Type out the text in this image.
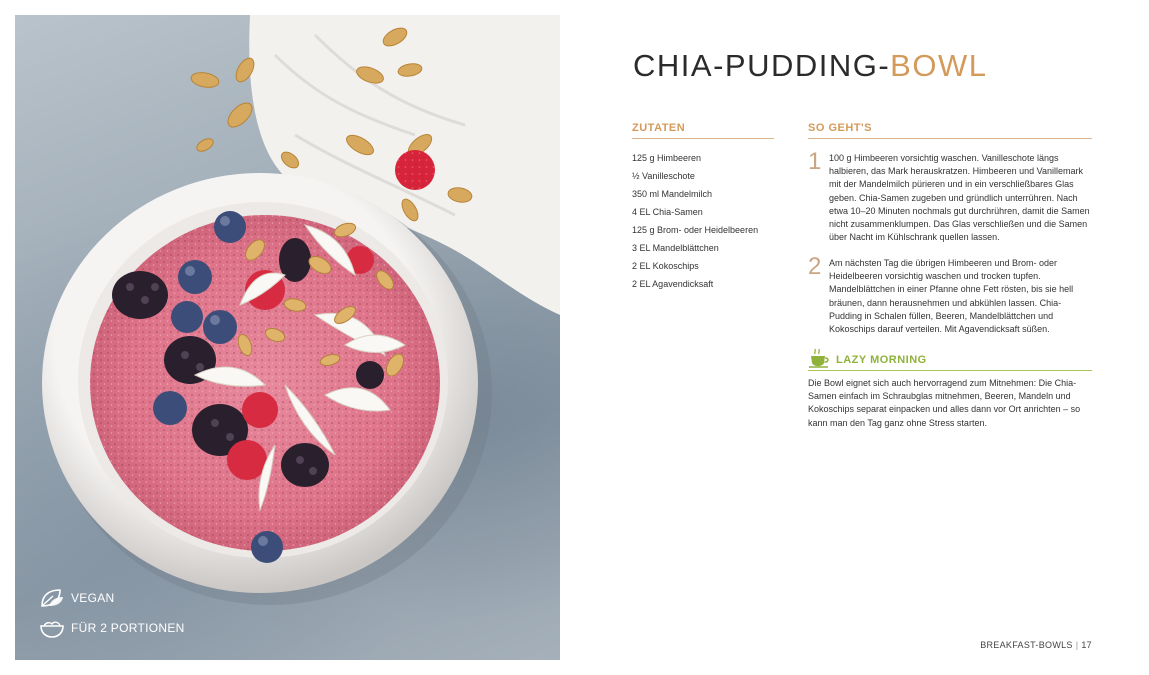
VEGAN
FÜR 2 PORTIONEN
CHIA-PUDDING-BOWL
ZUTATEN
125 g Himbeeren
½ Vanilleschote
350 ml Mandelmilch
4 EL Chia-Samen
125 g Brom- oder Heidelbeeren
3 EL Mandelblättchen
2 EL Kokoschips
2 EL Agavendicksaft
SO GEHT'S
1 100 g Himbeeren vorsichtig waschen. Vanilleschote längs halbieren, das Mark herauskratzen. Himbeeren und Vanillemark mit der Mandelmilch pürieren und in ein verschließbares Glas geben. Chia-Samen zugeben und gründlich unterrühren. Nach etwa 10–20 Minuten nochmals gut durchrühren, damit die Samen nicht zusammenklumpen. Das Glas verschließen und die Samen über Nacht im Kühlschrank quellen lassen.

2 Am nächsten Tag die übrigen Himbeeren und Brom- oder Heidelbeeren vorsichtig waschen und trocken tupfen. Mandelblättchen in einer Pfanne ohne Fett rösten, bis sie hell bräunen, dann herausnehmen und abkühlen lassen. Chia-Pudding in Schalen füllen, Beeren, Mandelblättchen und Kokoschips darauf verteilen. Mit Agavendicksaft süßen.

LAZY MORNING

Die Bowl eignet sich auch hervorragend zum Mitnehmen: Die Chia-Samen einfach im Schraubglas mitnehmen, Beeren, Mandeln und Kokoschips separat einpacken und alles dann vor Ort anrichten – so kann man den Tag ganz ohne Stress starten.

BREAKFAST-BOWLS | 17
